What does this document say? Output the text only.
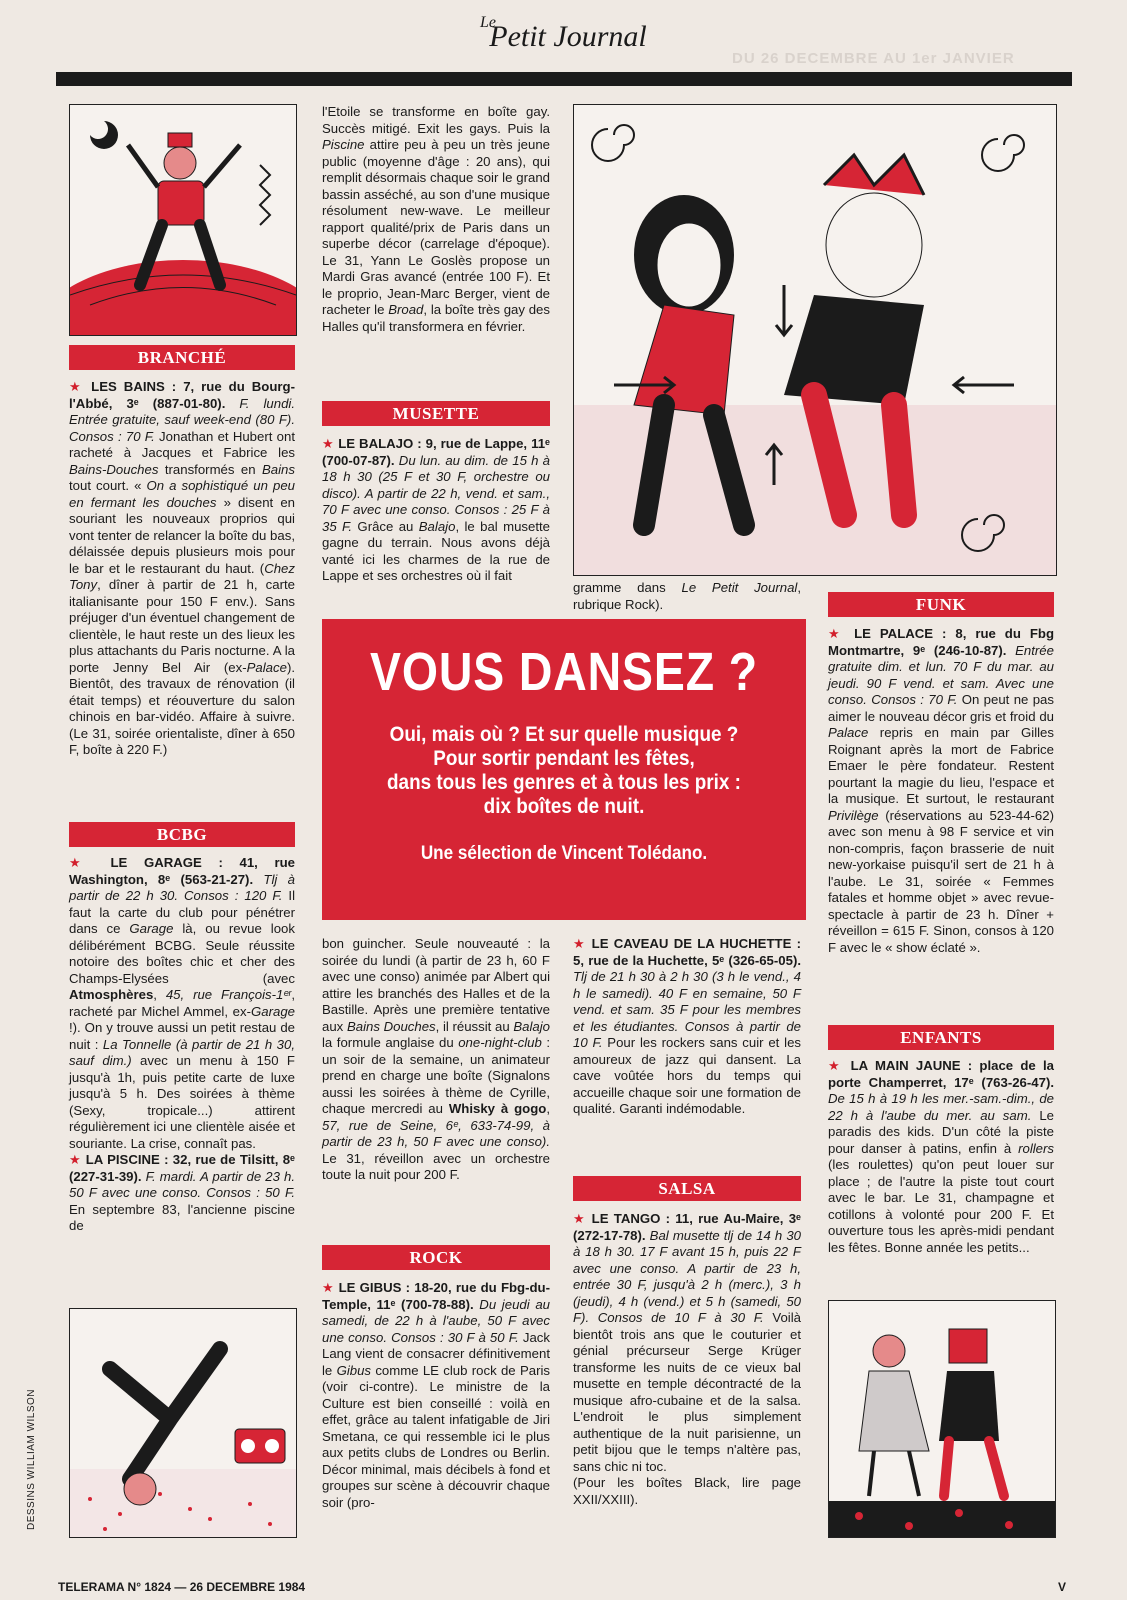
Le
Petit Journal
DU 26 DECEMBRE AU 1er JANVIER
BRANCHÉ

★ LES BAINS : 7, rue du Bourg-l'Abbé, 3ᵉ (887-01-80). F. lundi. Entrée gratuite, sauf week-end (80 F). Consos : 70 F. Jonathan et Hubert ont racheté à Jacques et Fabrice les Bains-Douches transformés en Bains tout court. « On a sophistiqué un peu en fermant les douches » disent en souriant les nouveaux proprios qui vont tenter de relancer la boîte du bas, délaissée depuis plusieurs mois pour le bar et le restaurant du haut. (Chez Tony, dîner à partir de 21 h, carte italianisante pour 150 F env.). Sans préjuger d'un éventuel changement de clientèle, le haut reste un des lieux les plus attachants du Paris nocturne. A la porte Jenny Bel Air (ex-Palace). Bientôt, des travaux de rénovation (il était temps) et réouverture du salon chinois en bar-vidéo. Affaire à suivre. (Le 31, soirée orientaliste, dîner à 650 F, boîte à 220 F.)

BCBG

★ LE GARAGE : 41, rue Washington, 8ᵉ (563-21-27). Tlj à partir de 22 h 30. Consos : 120 F. Il faut la carte du club pour pénétrer dans ce Garage là, ou revue look délibérément BCBG. Seule réussite notoire des boîtes chic et cher des Champs-Elysées (avec Atmosphères, 45, rue François-1ᵉʳ, racheté par Michel Ammel, ex-Garage !). On y trouve aussi un petit restau de nuit : La Tonnelle (à partir de 21 h 30, sauf dim.) avec un menu à 150 F jusqu'à 1h, puis petite carte de luxe jusqu'à 5 h. Des soirées à thème (Sexy, tropicale...) attirent régulièrement ici une clientèle aisée et souriante. La crise, connaît pas.

★ LA PISCINE : 32, rue de Tilsitt, 8ᵉ (227-31-39). F. mardi. A partir de 23 h. 50 F avec une conso. Consos : 50 F. En septembre 83, l'ancienne piscine de

DESSINS WILLIAM WILSON

l'Etoile se transforme en boîte gay. Succès mitigé. Exit les gays. Puis la Piscine attire peu à peu un très jeune public (moyenne d'âge : 20 ans), qui remplit désormais chaque soir le grand bassin asséché, au son d'une musique résolument new-wave. Le meilleur rapport qualité/prix de Paris dans un superbe décor (carrelage d'époque). Le 31, Yann Le Goslès propose un Mardi Gras avancé (entrée 100 F). Et le proprio, Jean-Marc Berger, vient de racheter le Broad, la boîte très gay des Halles qu'il transformera en février.

MUSETTE

★ LE BALAJO : 9, rue de Lappe, 11ᵉ (700-07-87). Du lun. au dim. de 15 h à 18 h 30 (25 F et 30 F, orchestre ou disco). A partir de 22 h, vend. et sam., 70 F avec une conso. Consos : 25 F à 35 F. Grâce au Balajo, le bal musette gagne du terrain. Nous avons déjà vanté ici les charmes de la rue de Lappe et ses orchestres où il fait

gramme dans Le Petit Journal, rubrique Rock).

VOUS DANSEZ ?
Oui, mais où ? Et sur quelle musique ?
Pour sortir pendant les fêtes,
dans tous les genres et à tous les prix :
dix boîtes de nuit.
Une sélection de Vincent Tolédano.

bon guincher. Seule nouveauté : la soirée du lundi (à partir de 23 h, 60 F avec une conso) animée par Albert qui attire les branchés des Halles et de la Bastille. Après une première tentative aux Bains Douches, il réussit au Balajo la formule anglaise du one-night-club : un soir de la semaine, un animateur prend en charge une boîte (Signalons aussi les soirées à thème de Cyrille, chaque mercredi au Whisky à gogo, 57, rue de Seine, 6ᵉ, 633-74-99, à partir de 23 h, 50 F avec une conso). Le 31, réveillon avec un orchestre toute la nuit pour 200 F.

ROCK

★ LE GIBUS : 18-20, rue du Fbg-du-Temple, 11ᵉ (700-78-88). Du jeudi au samedi, de 22 h à l'aube, 50 F avec une conso. Consos : 30 F à 50 F. Jack Lang vient de consacrer définitivement le Gibus comme LE club rock de Paris (voir ci-contre). Le ministre de la Culture est bien conseillé : voilà en effet, grâce au talent infatigable de Jiri Smetana, ce qui ressemble ici le plus aux petits clubs de Londres ou Berlin. Décor minimal, mais décibels à fond et groupes sur scène à découvrir chaque soir (pro-

★ LE CAVEAU DE LA HUCHETTE : 5, rue de la Huchette, 5ᵉ (326-65-05). Tlj de 21 h 30 à 2 h 30 (3 h le vend., 4 h le samedi). 40 F en semaine, 50 F vend. et sam. 35 F pour les membres et les étudiantes. Consos à partir de 10 F. Pour les rockers sans cuir et les amoureux de jazz qui dansent. La cave voûtée hors du temps qui accueille chaque soir une formation de qualité. Garanti indémodable.

SALSA

★ LE TANGO : 11, rue Au-Maire, 3ᵉ (272-17-78). Bal musette tlj de 14 h 30 à 18 h 30. 17 F avant 15 h, puis 22 F avec une conso. A partir de 23 h, entrée 30 F, jusqu'à 2 h (merc.), 3 h (jeudi), 4 h (vend.) et 5 h (samedi, 50 F). Consos de 10 F à 30 F. Voilà bientôt trois ans que le couturier et génial précurseur Serge Krüger transforme les nuits de ce vieux bal musette en temple décontracté de la musique afro-cubaine et de la salsa. L'endroit le plus simplement authentique de la nuit parisienne, un petit bijou que le temps n'altère pas, sans chic ni toc.

(Pour les boîtes Black, lire page XXII/XXIII).

FUNK

★ LE PALACE : 8, rue du Fbg Montmartre, 9ᵉ (246-10-87). Entrée gratuite dim. et lun. 70 F du mar. au jeudi. 90 F vend. et sam. Avec une conso. Consos : 70 F. On peut ne pas aimer le nouveau décor gris et froid du Palace repris en main par Gilles Roignant après la mort de Fabrice Emaer le père fondateur. Restent pourtant la magie du lieu, l'espace et la musique. Et surtout, le restaurant Privilège (réservations au 523-44-62) avec son menu à 98 F service et vin non-compris, façon brasserie de nuit new-yorkaise puisqu'il sert de 21 h à l'aube. Le 31, soirée « Femmes fatales et homme objet » avec revue-spectacle à partir de 23 h. Dîner + réveillon = 615 F. Sinon, consos à 120 F avec le « show éclaté ».

ENFANTS

★ LA MAIN JAUNE : place de la porte Champerret, 17ᵉ (763-26-47). De 15 h à 19 h les mer.-sam.-dim., de 22 h à l'aube du mer. au sam. Le paradis des kids. D'un côté la piste pour danser à patins, enfin à rollers (les roulettes) qu'on peut louer sur place ; de l'autre la piste tout court avec le bar. Le 31, champagne et cotillons à volonté pour 200 F. Et ouverture tous les après-midi pendant les fêtes. Bonne année les petits...

TELERAMA N° 1824 — 26 DECEMBRE 1984	V
